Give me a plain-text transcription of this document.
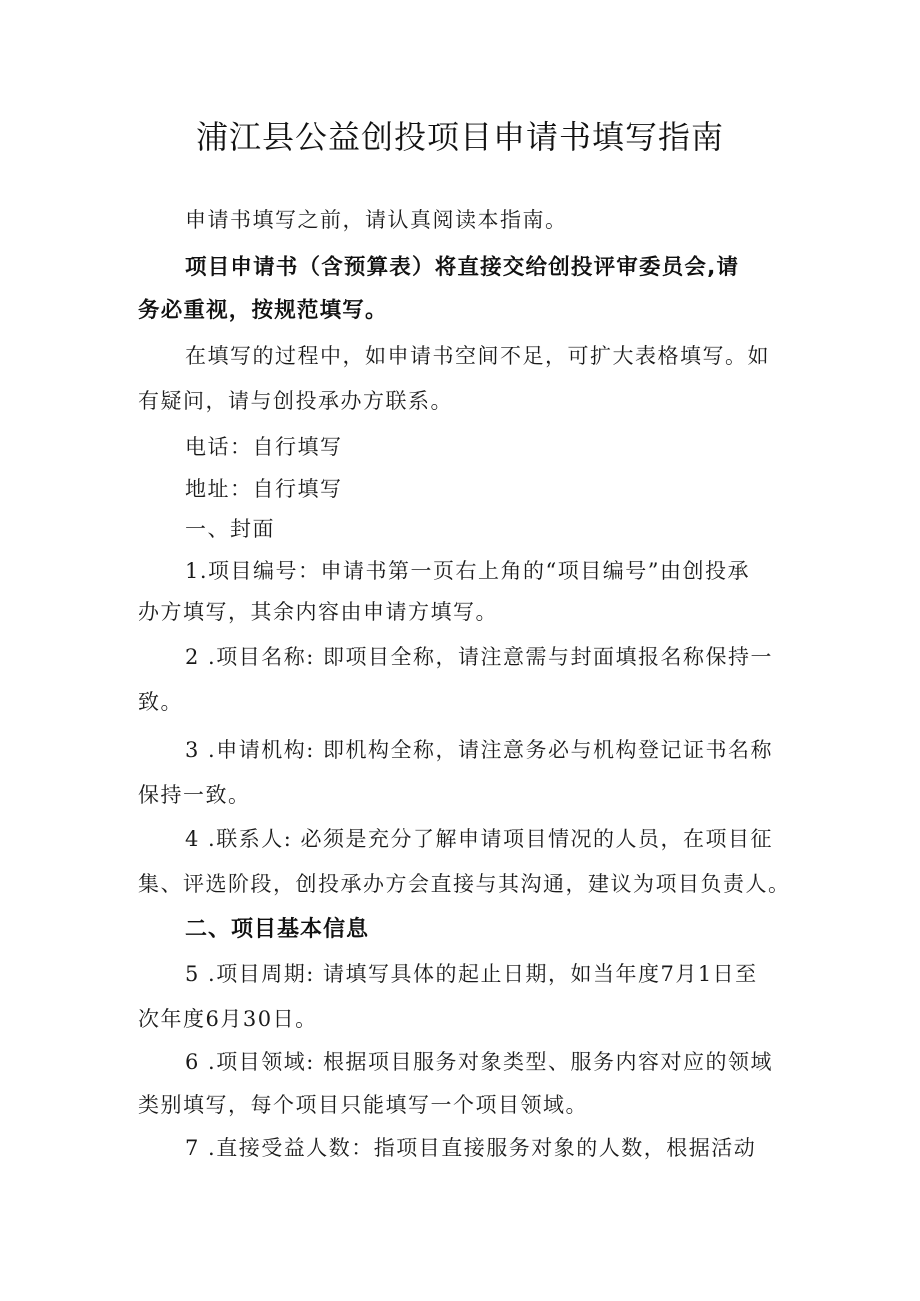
浦江县公益创投项目申请书填写指南
申请书填写之前，请认真阅读本指南。
项目申请书（含预算表）将直接交给创投评审委员会,请
务必重视，按规范填写。
在填写的过程中，如申请书空间不足，可扩大表格填写。如
有疑问，请与创投承办方联系。
电话：自行填写
地址：自行填写
一、封面
1.项目编号：申请书第一页右上角的“项目编号”由创投承
办方填写，其余内容由申请方填写。
2 .项目名称: 即项目全称，请注意需与封面填报名称保持一
致。
3 .申请机构: 即机构全称，请注意务必与机构登记证书名称
保持一致。
4 .联系人: 必须是充分了解申请项目情况的人员，在项目征
集、评选阶段，创投承办方会直接与其沟通，建议为项目负责人。
二、项目基本信息
5 .项目周期: 请填写具体的起止日期，如当年度7月1日至
次年度6月30日。
6 .项目领域: 根据项目服务对象类型、服务内容对应的领域
类别填写，每个项目只能填写一个项目领域。
7 .直接受益人数：指项目直接服务对象的人数，根据活动
